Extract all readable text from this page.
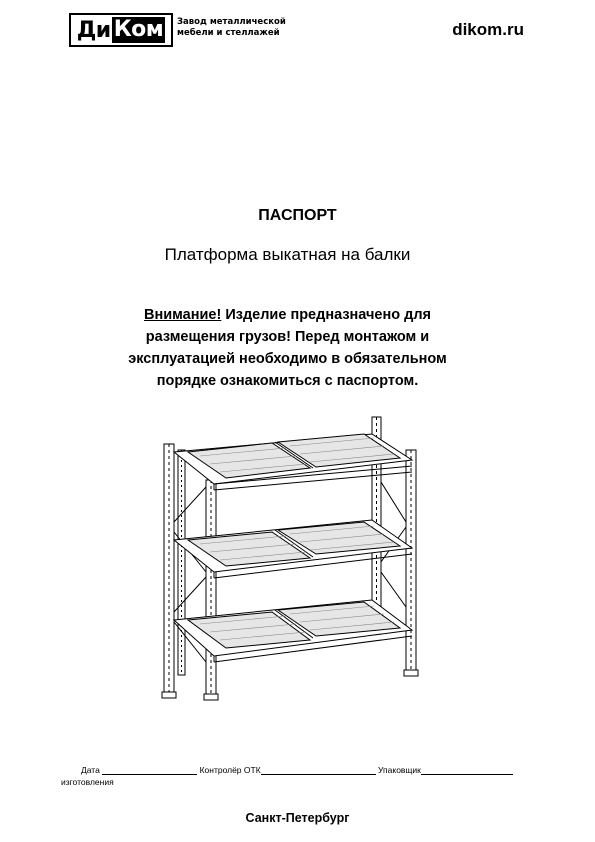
Ди Ком Завод металлической
мебели и стеллажей	dikom.ru
ПАСПОРТ
Платформа выкатная на балки
Внимание! Изделие предназначено для
размещения грузов! Перед монтажом и
эксплуатацией необходимо в обязательном
порядке ознакомиться с паспортом.
Дата	Контролёр ОТК	Упаковщик
изготовления
Санкт-Петербург
